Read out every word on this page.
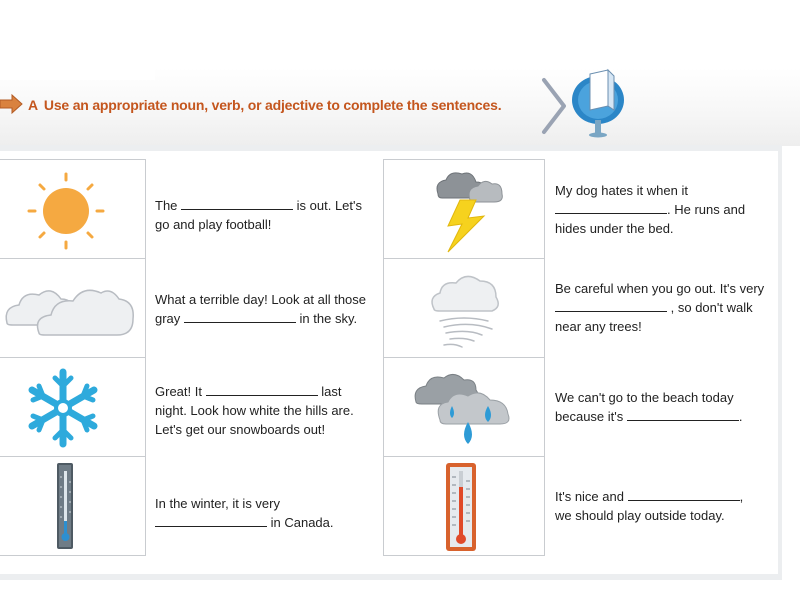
A Use an appropriate noun, verb, or adjective to complete the sentences.

The	is out. Let's
go and play football!

What a terrible day! Look at all those
gray	in the sky.

Great! It	last
night. Look how white the hills are.
Let's get our snowboards out!

In the winter, it is very
in Canada.

My dog hates it when it
. He runs and
hides under the bed.

Be careful when you go out. It's very
, so don't walk
near any trees!

We can't go to the beach today
because it's	.

It's nice and	,
we should play outside today.
